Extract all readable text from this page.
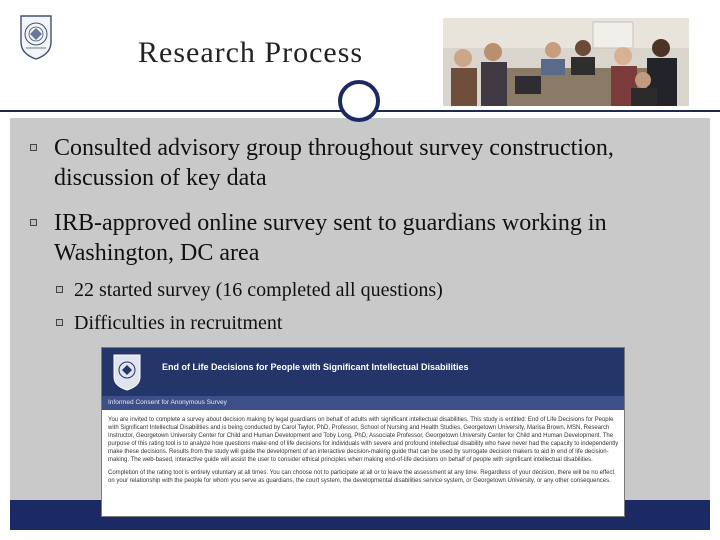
Research Process
Consulted advisory group throughout survey construction, discussion of key data
IRB-approved online survey sent to guardians working in Washington, DC area
22 started survey (16 completed all questions)
Difficulties in recruitment
End of Life Decisions for People with Significant Intellectual Disabilities
Informed Consent for Anonymous Survey

You are invited to complete a survey about decision making by legal guardians on behalf of adults with significant intellectual disabilities. This study is entitled: End of Life Decisions for People with Significant Intellectual Disabilities and is being conducted by Carol Taylor, PhD, Professor, School of Nursing and Health Studies, Georgetown University, Marisa Brown, MSN, Research Instructor, Georgetown University Center for Child and Human Development and Toby Long, PhD, Associate Professor, Georgetown University Center for Child and Human Development. The purpose of this rating tool is to analyze how questions make end of life decisions for individuals with severe and profound intellectual disability who have never had the capacity to independently make these decisions. Results from the study will guide the development of an interactive decision-making guide that can be used by surrogate decision makers to aid in end of life decision-making. The web-based, interactive guide will assist the user to consider ethical principles when making end-of-life decisions on behalf of people with significant intellectual disabilities.

Completion of the rating tool is entirely voluntary at all times. You can choose not to participate at all or to leave the assessment at any time. Regardless of your decision, there will be no effect on your relationship with the people for whom you serve as guardians, the court system, the developmental disabilities service system, or Georgetown University, or any other consequences.
